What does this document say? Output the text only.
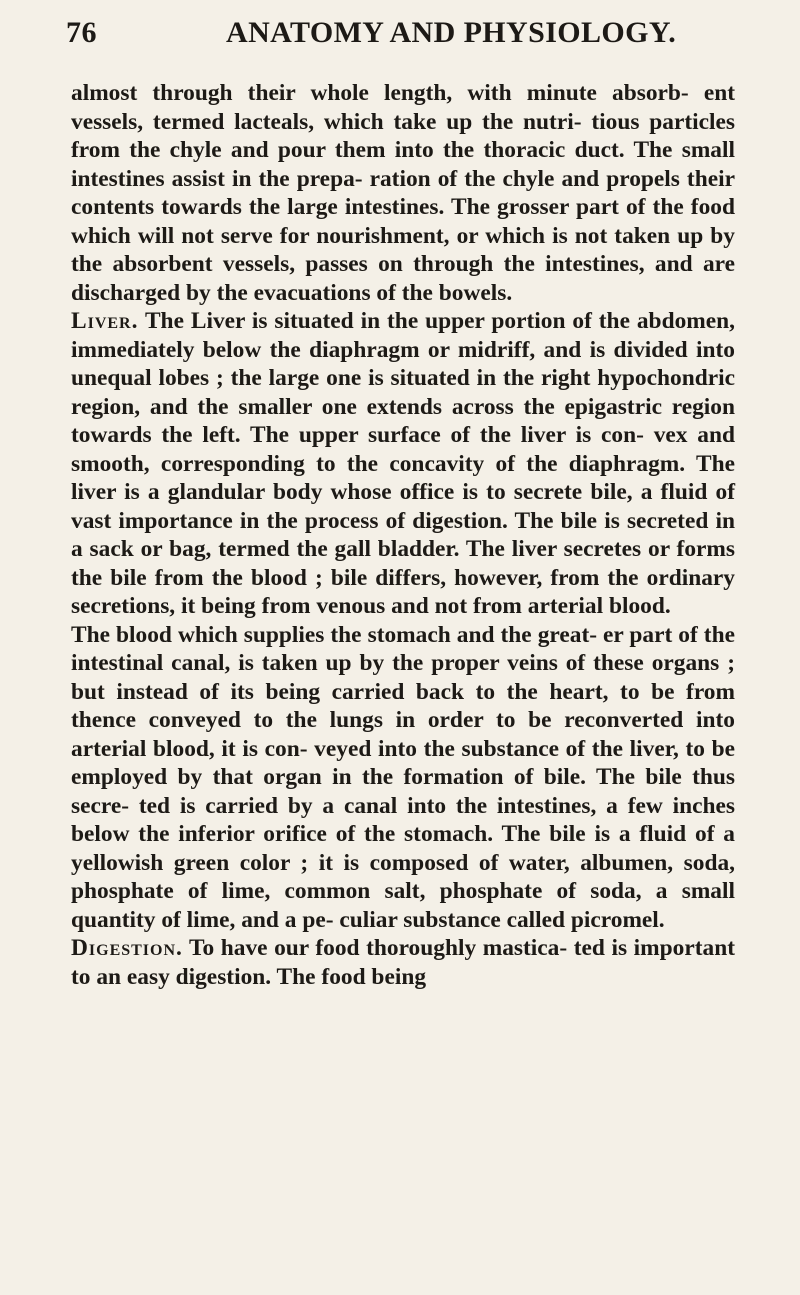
76	ANATOMY AND PHYSIOLOGY.

almost through their whole length, with minute absorb- ent vessels, termed lacteals, which take up the nutri- tious particles from the chyle and pour them into the thoracic duct. The small intestines assist in the prepa- ration of the chyle and propels their contents towards the large intestines. The grosser part of the food which will not serve for nourishment, or which is not taken up by the absorbent vessels, passes on through the intestines, and are discharged by the evacuations of the bowels.

Liver. The Liver is situated in the upper portion of the abdomen, immediately below the diaphragm or midriff, and is divided into unequal lobes ; the large one is situated in the right hypochondric region, and the smaller one extends across the epigastric region towards the left. The upper surface of the liver is con- vex and smooth, corresponding to the concavity of the diaphragm. The liver is a glandular body whose office is to secrete bile, a fluid of vast importance in the process of digestion. The bile is secreted in a sack or bag, termed the gall bladder. The liver secretes or forms the bile from the blood ; bile differs, however, from the ordinary secretions, it being from venous and not from arterial blood.

The blood which supplies the stomach and the great- er part of the intestinal canal, is taken up by the proper veins of these organs ; but instead of its being carried back to the heart, to be from thence conveyed to the lungs in order to be reconverted into arterial blood, it is con- veyed into the substance of the liver, to be employed by that organ in the formation of bile. The bile thus secre- ted is carried by a canal into the intestines, a few inches below the inferior orifice of the stomach. The bile is a fluid of a yellowish green color ; it is composed of water, albumen, soda, phosphate of lime, common salt, phosphate of soda, a small quantity of lime, and a pe- culiar substance called picromel.

Digestion. To have our food thoroughly mastica- ted is important to an easy digestion. The food being
